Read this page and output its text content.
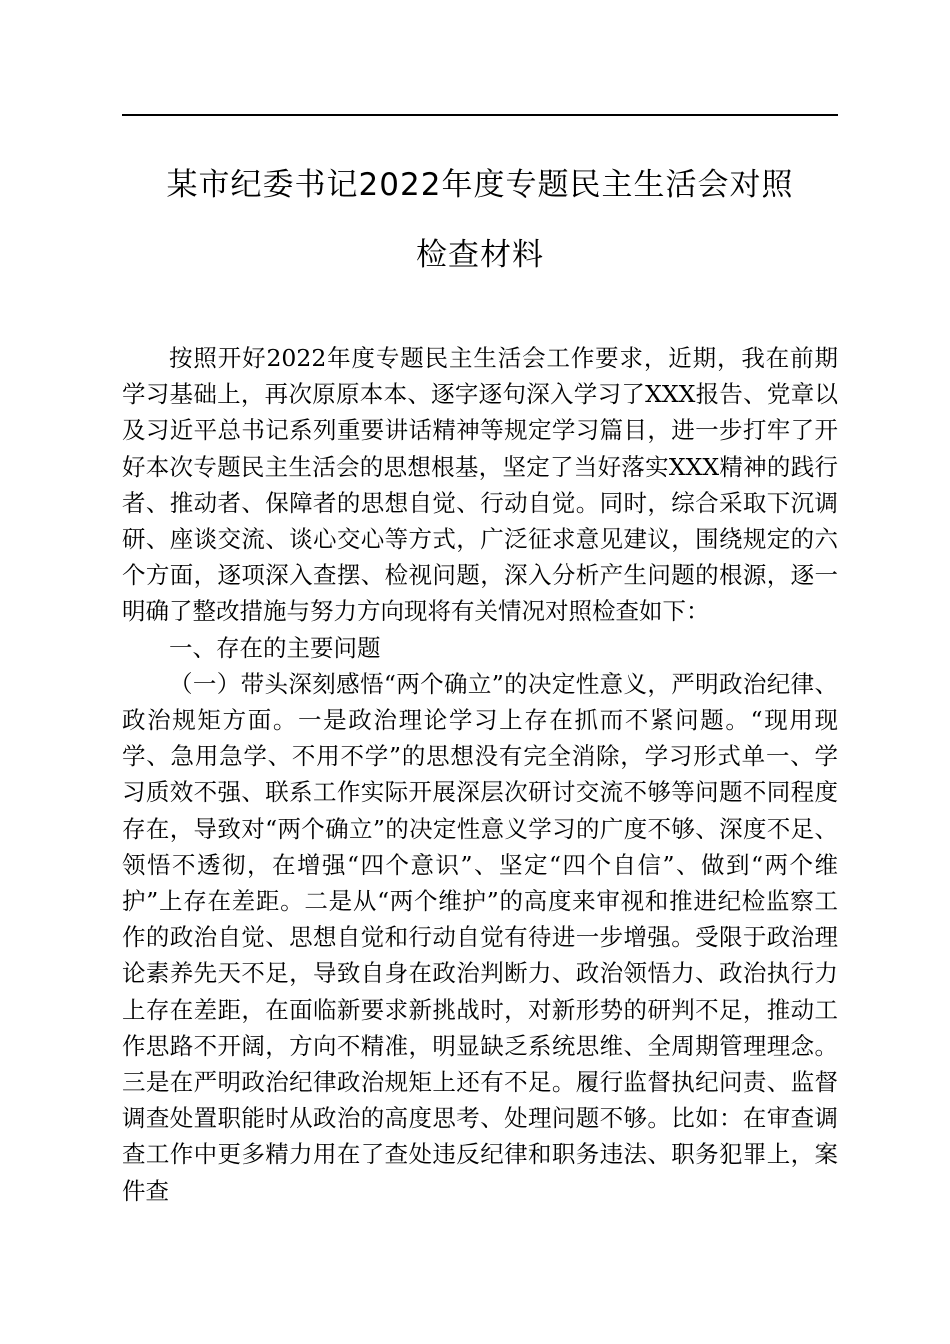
某市纪委书记2022年度专题民主生活会对照
检查材料

按照开好2022年度专题民主生活会工作要求，近期，我在前期学习基础上，再次原原本本、逐字逐句深入学习了XXX报告、党章以及习近平总书记系列重要讲话精神等规定学习篇目，进一步打牢了开好本次专题民主生活会的思想根基，坚定了当好落实XXX精神的践行者、推动者、保障者的思想自觉、行动自觉。同时，综合采取下沉调研、座谈交流、谈心交心等方式，广泛征求意见建议，围绕规定的六个方面，逐项深入查摆、检视问题，深入分析产生问题的根源，逐一明确了整改措施与努力方向现将有关情况对照检查如下：

一、存在的主要问题

（一）带头深刻感悟“两个确立”的决定性意义，严明政治纪律、政治规矩方面。一是政治理论学习上存在抓而不紧问题。“现用现学、急用急学、不用不学”的思想没有完全消除，学习形式单一、学习质效不强、联系工作实际开展深层次研讨交流不够等问题不同程度存在，导致对“两个确立”的决定性意义学习的广度不够、深度不足、领悟不透彻，在增强“四个意识”、坚定“四个自信”、做到“两个维护”上存在差距。二是从“两个维护”的高度来审视和推进纪检监察工作的政治自觉、思想自觉和行动自觉有待进一步增强。受限于政治理论素养先天不足，导致自身在政治判断力、政治领悟力、政治执行力上存在差距，在面临新要求新挑战时，对新形势的研判不足，推动工作思路不开阔，方向不精准，明显缺乏系统思维、全周期管理理念。三是在严明政治纪律政治规矩上还有不足。履行监督执纪问责、监督调查处置职能时从政治的高度思考、处理问题不够。比如：在审查调查工作中更多精力用在了查处违反纪律和职务违法、职务犯罪上，案件查
